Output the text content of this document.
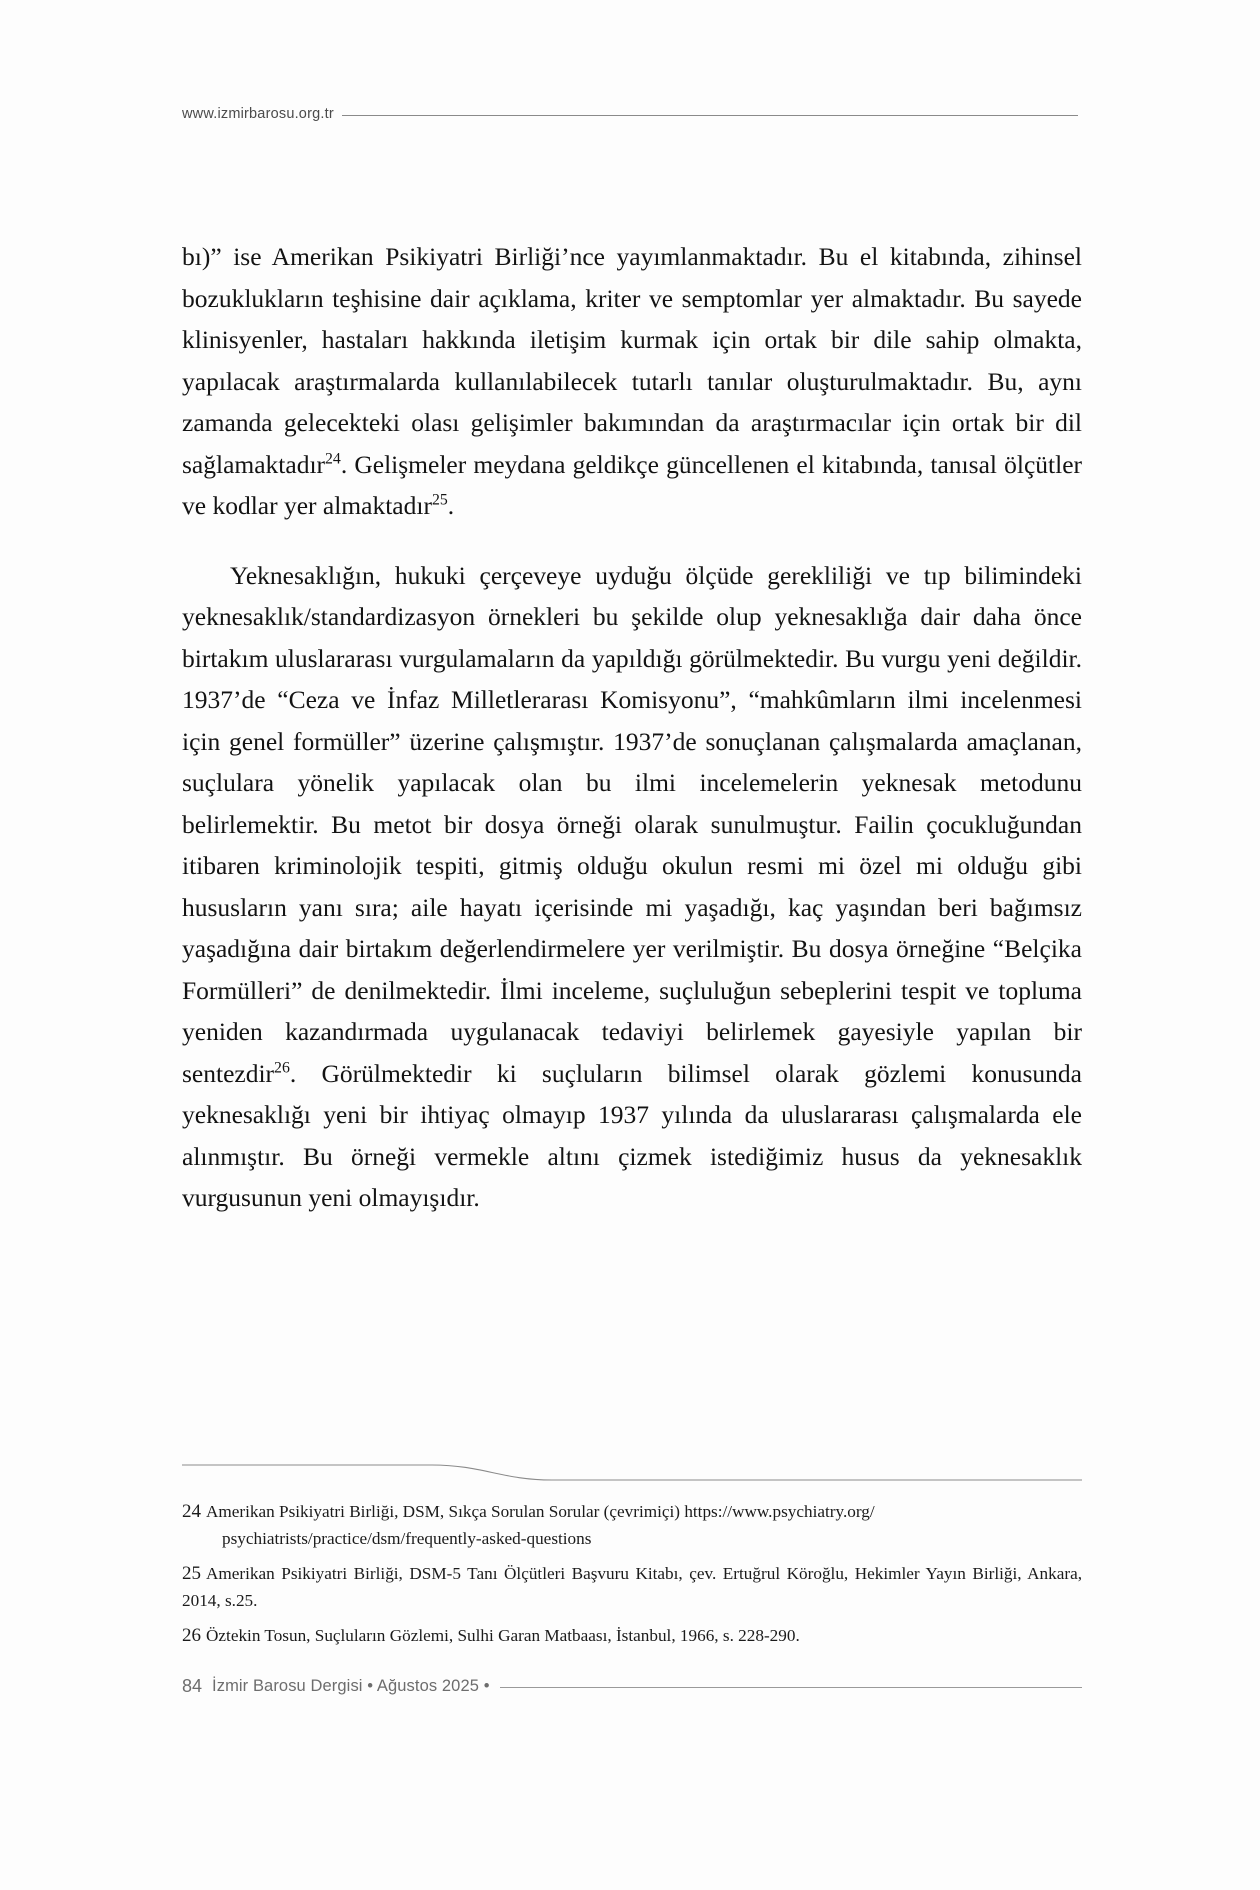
www.izmirbarosu.org.tr

bı)” ise Amerikan Psikiyatri Birliği’nce yayımlanmaktadır. Bu el kitabında, zihinsel bozuklukların teşhisine dair açıklama, kriter ve semptomlar yer almaktadır. Bu sayede klinisyenler, hastaları hakkında iletişim kurmak için ortak bir dile sahip olmakta, yapılacak araştırmalarda kullanılabilecek tutarlı tanılar oluşturulmaktadır. Bu, aynı zamanda gelecekteki olası gelişimler bakımından da araştırmacılar için ortak bir dil sağlamaktadır$^{24}$. Gelişmeler meydana geldikçe güncellenen el kitabında, tanısal ölçütler ve kodlar yer almaktadır$^{25}$.

Yeknesaklığın, hukuki çerçeveye uyduğu ölçüde gerekliliği ve tıp bilimindeki yeknesaklık/standardizasyon örnekleri bu şekilde olup yeknesaklığa dair daha önce birtakım uluslararası vurgulamaların da yapıldığı görülmektedir. Bu vurgu yeni değildir. 1937’de “Ceza ve İnfaz Milletlerarası Komisyonu”, “mahkûmların ilmi incelenmesi için genel formüller” üzerine çalışmıştır. 1937’de sonuçlanan çalışmalarda amaçlanan, suçlulara yönelik yapılacak olan bu ilmi incelemelerin yeknesak metodunu belirlemektir. Bu metot bir dosya örneği olarak sunulmuştur. Failin çocukluğundan itibaren kriminolojik tespiti, gitmiş olduğu okulun resmi mi özel mi olduğu gibi hususların yanı sıra; aile hayatı içerisinde mi yaşadığı, kaç yaşından beri bağımsız yaşadığına dair birtakım değerlendirmelere yer verilmiştir. Bu dosya örneğine “Belçika Formülleri” de denilmektedir. İlmi inceleme, suçluluğun sebeplerini tespit ve topluma yeniden kazandırmada uygulanacak tedaviyi belirlemek gayesiyle yapılan bir sentezdir$^{26}$. Görülmektedir ki suçluların bilimsel olarak gözlemi konusunda yeknesaklığı yeni bir ihtiyaç olmayıp 1937 yılında da uluslararası çalışmalarda ele alınmıştır. Bu örneği vermekle altını çizmek istediğimiz husus da yeknesaklık vurgusunun yeni olmayışıdır.

24 Amerikan Psikiyatri Birliği, DSM, Sıkça Sorulan Sorular (çevrimiçi) https://www.psychiatry.org/
psychiatrists/practice/dsm/frequently-asked-questions
25 Amerikan Psikiyatri Birliği, DSM-5 Tanı Ölçütleri Başvuru Kitabı, çev. Ertuğrul Köroğlu, Hekimler Yayın Birliği, Ankara, 2014, s.25.
26 Öztekin Tosun, Suçluların Gözlemi, Sulhi Garan Matbaası, İstanbul, 1966, s. 228-290.
84 İzmir Barosu Dergisi • Ağustos 2025 •
